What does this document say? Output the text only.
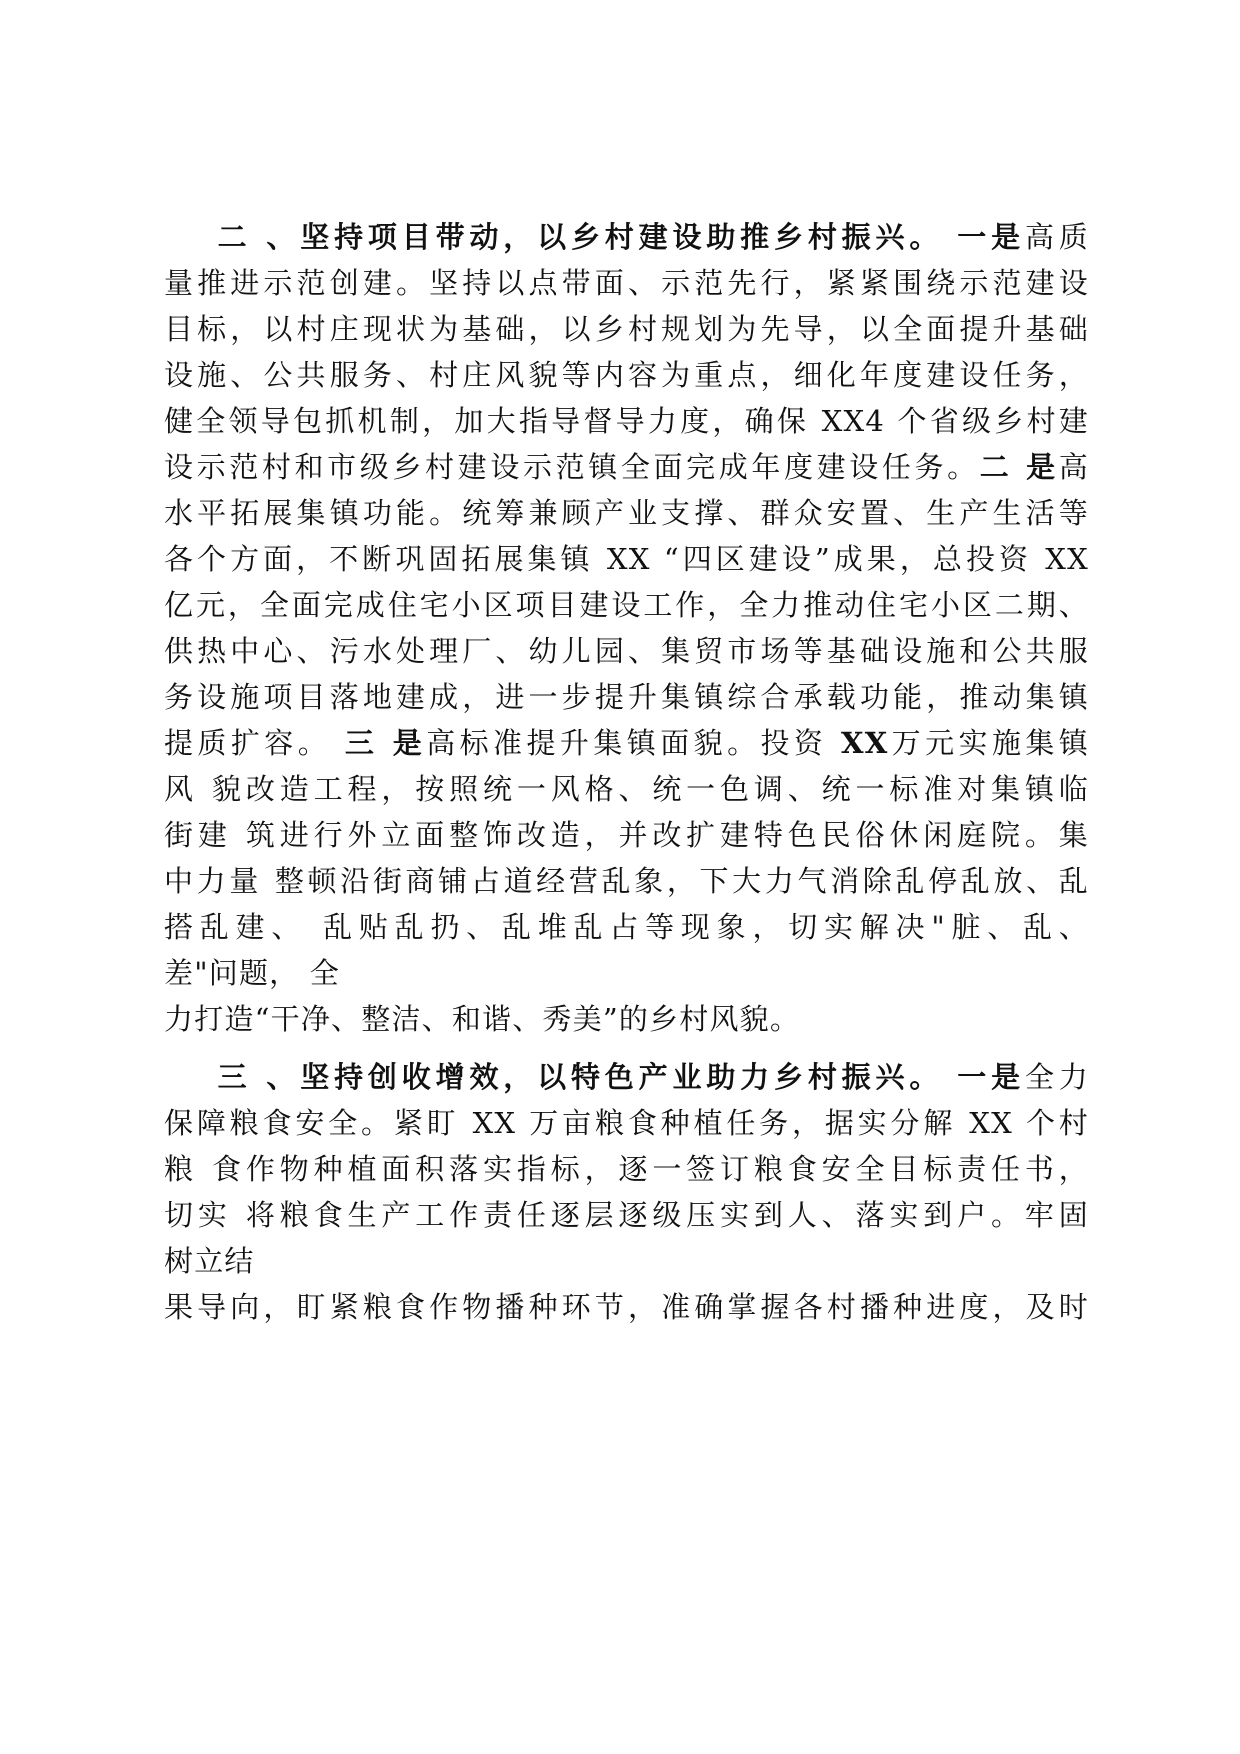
二 、坚持项目带动，以乡村建设助推乡村振兴。 一是高质
量推进示范创建。坚持以点带面、示范先行，紧紧围绕示范建设
目标，以村庄现状为基础，以乡村规划为先导，以全面提升基础
设施、公共服务、村庄风貌等内容为重点，细化年度建设任务，
健全领导包抓机制，加大指导督导力度，确保 XX4 个省级乡村建
设示范村和市级乡村建设示范镇全面完成年度建设任务。二 是高
水平拓展集镇功能。统筹兼顾产业支撑、群众安置、生产生活等
各个方面，不断巩固拓展集镇 XX “四区建设”成果，总投资 XX
亿元，全面完成住宅小区项目建设工作，全力推动住宅小区二期、
供热中心、污水处理厂、幼儿园、集贸市场等基础设施和公共服
务设施项目落地建成，进一步提升集镇综合承载功能，推动集镇
提质扩容。 三 是高标准提升集镇面貌。投资 XX万元实施集镇
风 貌改造工程，按照统一风格、统一色调、统一标准对集镇临
街建 筑进行外立面整饰改造，并改扩建特色民俗休闲庭院。集
中力量 整顿沿街商铺占道经营乱象，下大力气消除乱停乱放、乱
搭乱建、 乱贴乱扔、乱堆乱占等现象，切实解决"脏、乱、
差"问题， 全
力打造“干净、整洁、和谐、秀美”的乡村风貌。
三 、坚持创收增效，以特色产业助力乡村振兴。 一是全力
保障粮食安全。紧盯 XX 万亩粮食种植任务，据实分解 XX 个村
粮 食作物种植面积落实指标，逐一签订粮食安全目标责任书，
切实 将粮食生产工作责任逐层逐级压实到人、落实到户。牢固
树立结
果导向，盯紧粮食作物播种环节，准确掌握各村播种进度，及时
